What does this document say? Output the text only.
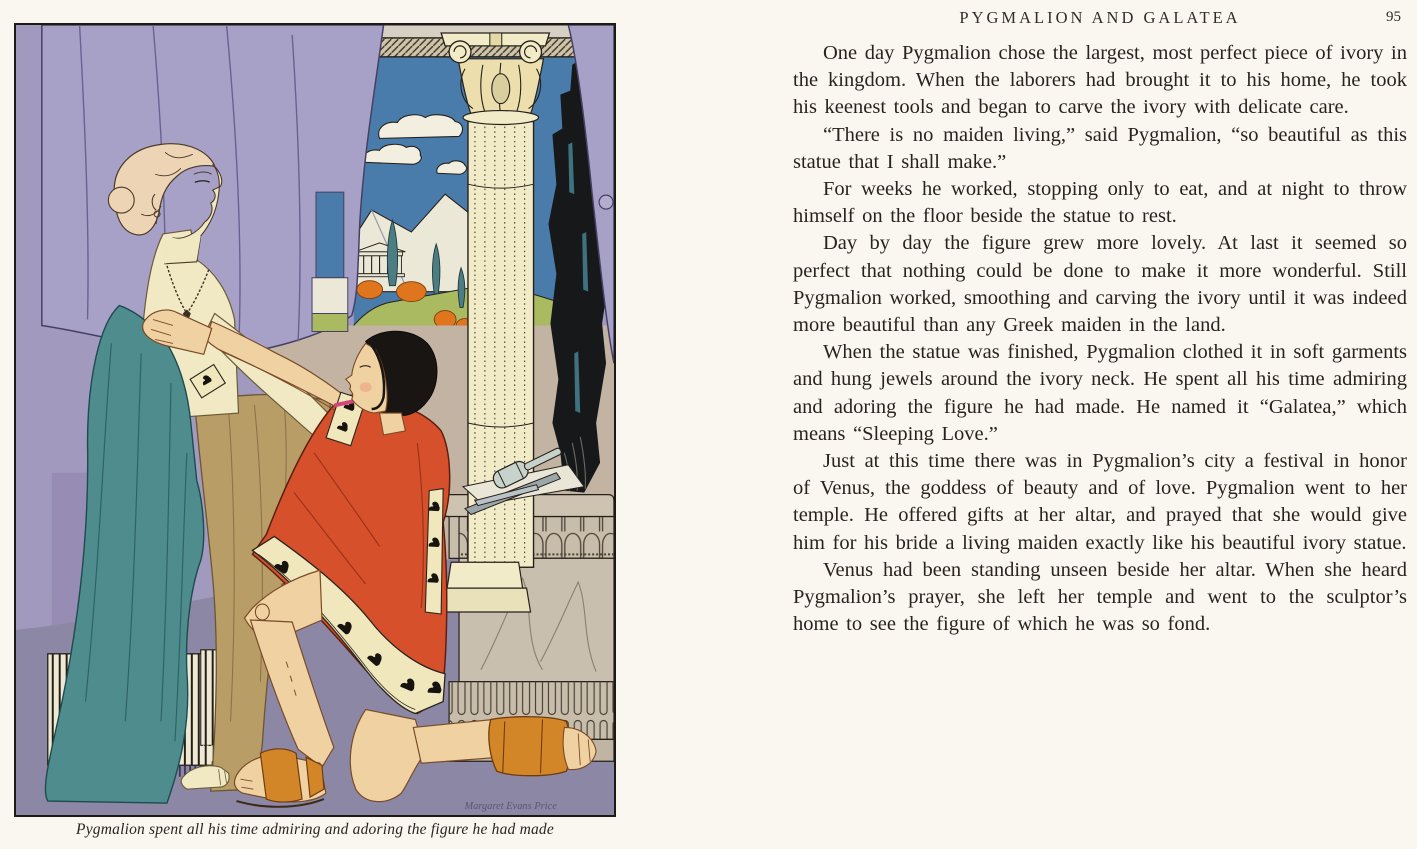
Margaret Evans Price
Pygmalion spent all his time admiring and adoring the figure he had made
PYGMALION AND GALATEA	95

One day Pygmalion chose the largest, most perfect piece of ivory in the kingdom. When the laborers had brought it to his home, he took his keenest tools and began to carve the ivory with delicate care.

“There is no maiden living,” said Pygmalion, “so beautiful as this statue that I shall make.”

For weeks he worked, stopping only to eat, and at night to throw himself on the floor beside the statue to rest.

Day by day the figure grew more lovely. At last it seemed so perfect that nothing could be done to make it more wonderful. Still Pygmalion worked, smoothing and carving the ivory until it was indeed more beautiful than any Greek maiden in the land.

When the statue was finished, Pygmalion clothed it in soft garments and hung jewels around the ivory neck. He spent all his time admiring and adoring the figure he had made. He named it “Galatea,” which means “Sleeping Love.”

Just at this time there was in Pygmalion’s city a festival in honor of Venus, the goddess of beauty and of love. Pygmalion went to her temple. He offered gifts at her altar, and prayed that she would give him for his bride a living maiden exactly like his beautiful ivory statue.

Venus had been standing unseen beside her altar. When she heard Pygmalion’s prayer, she left her temple and went to the sculptor’s home to see the figure of which he was so fond.
